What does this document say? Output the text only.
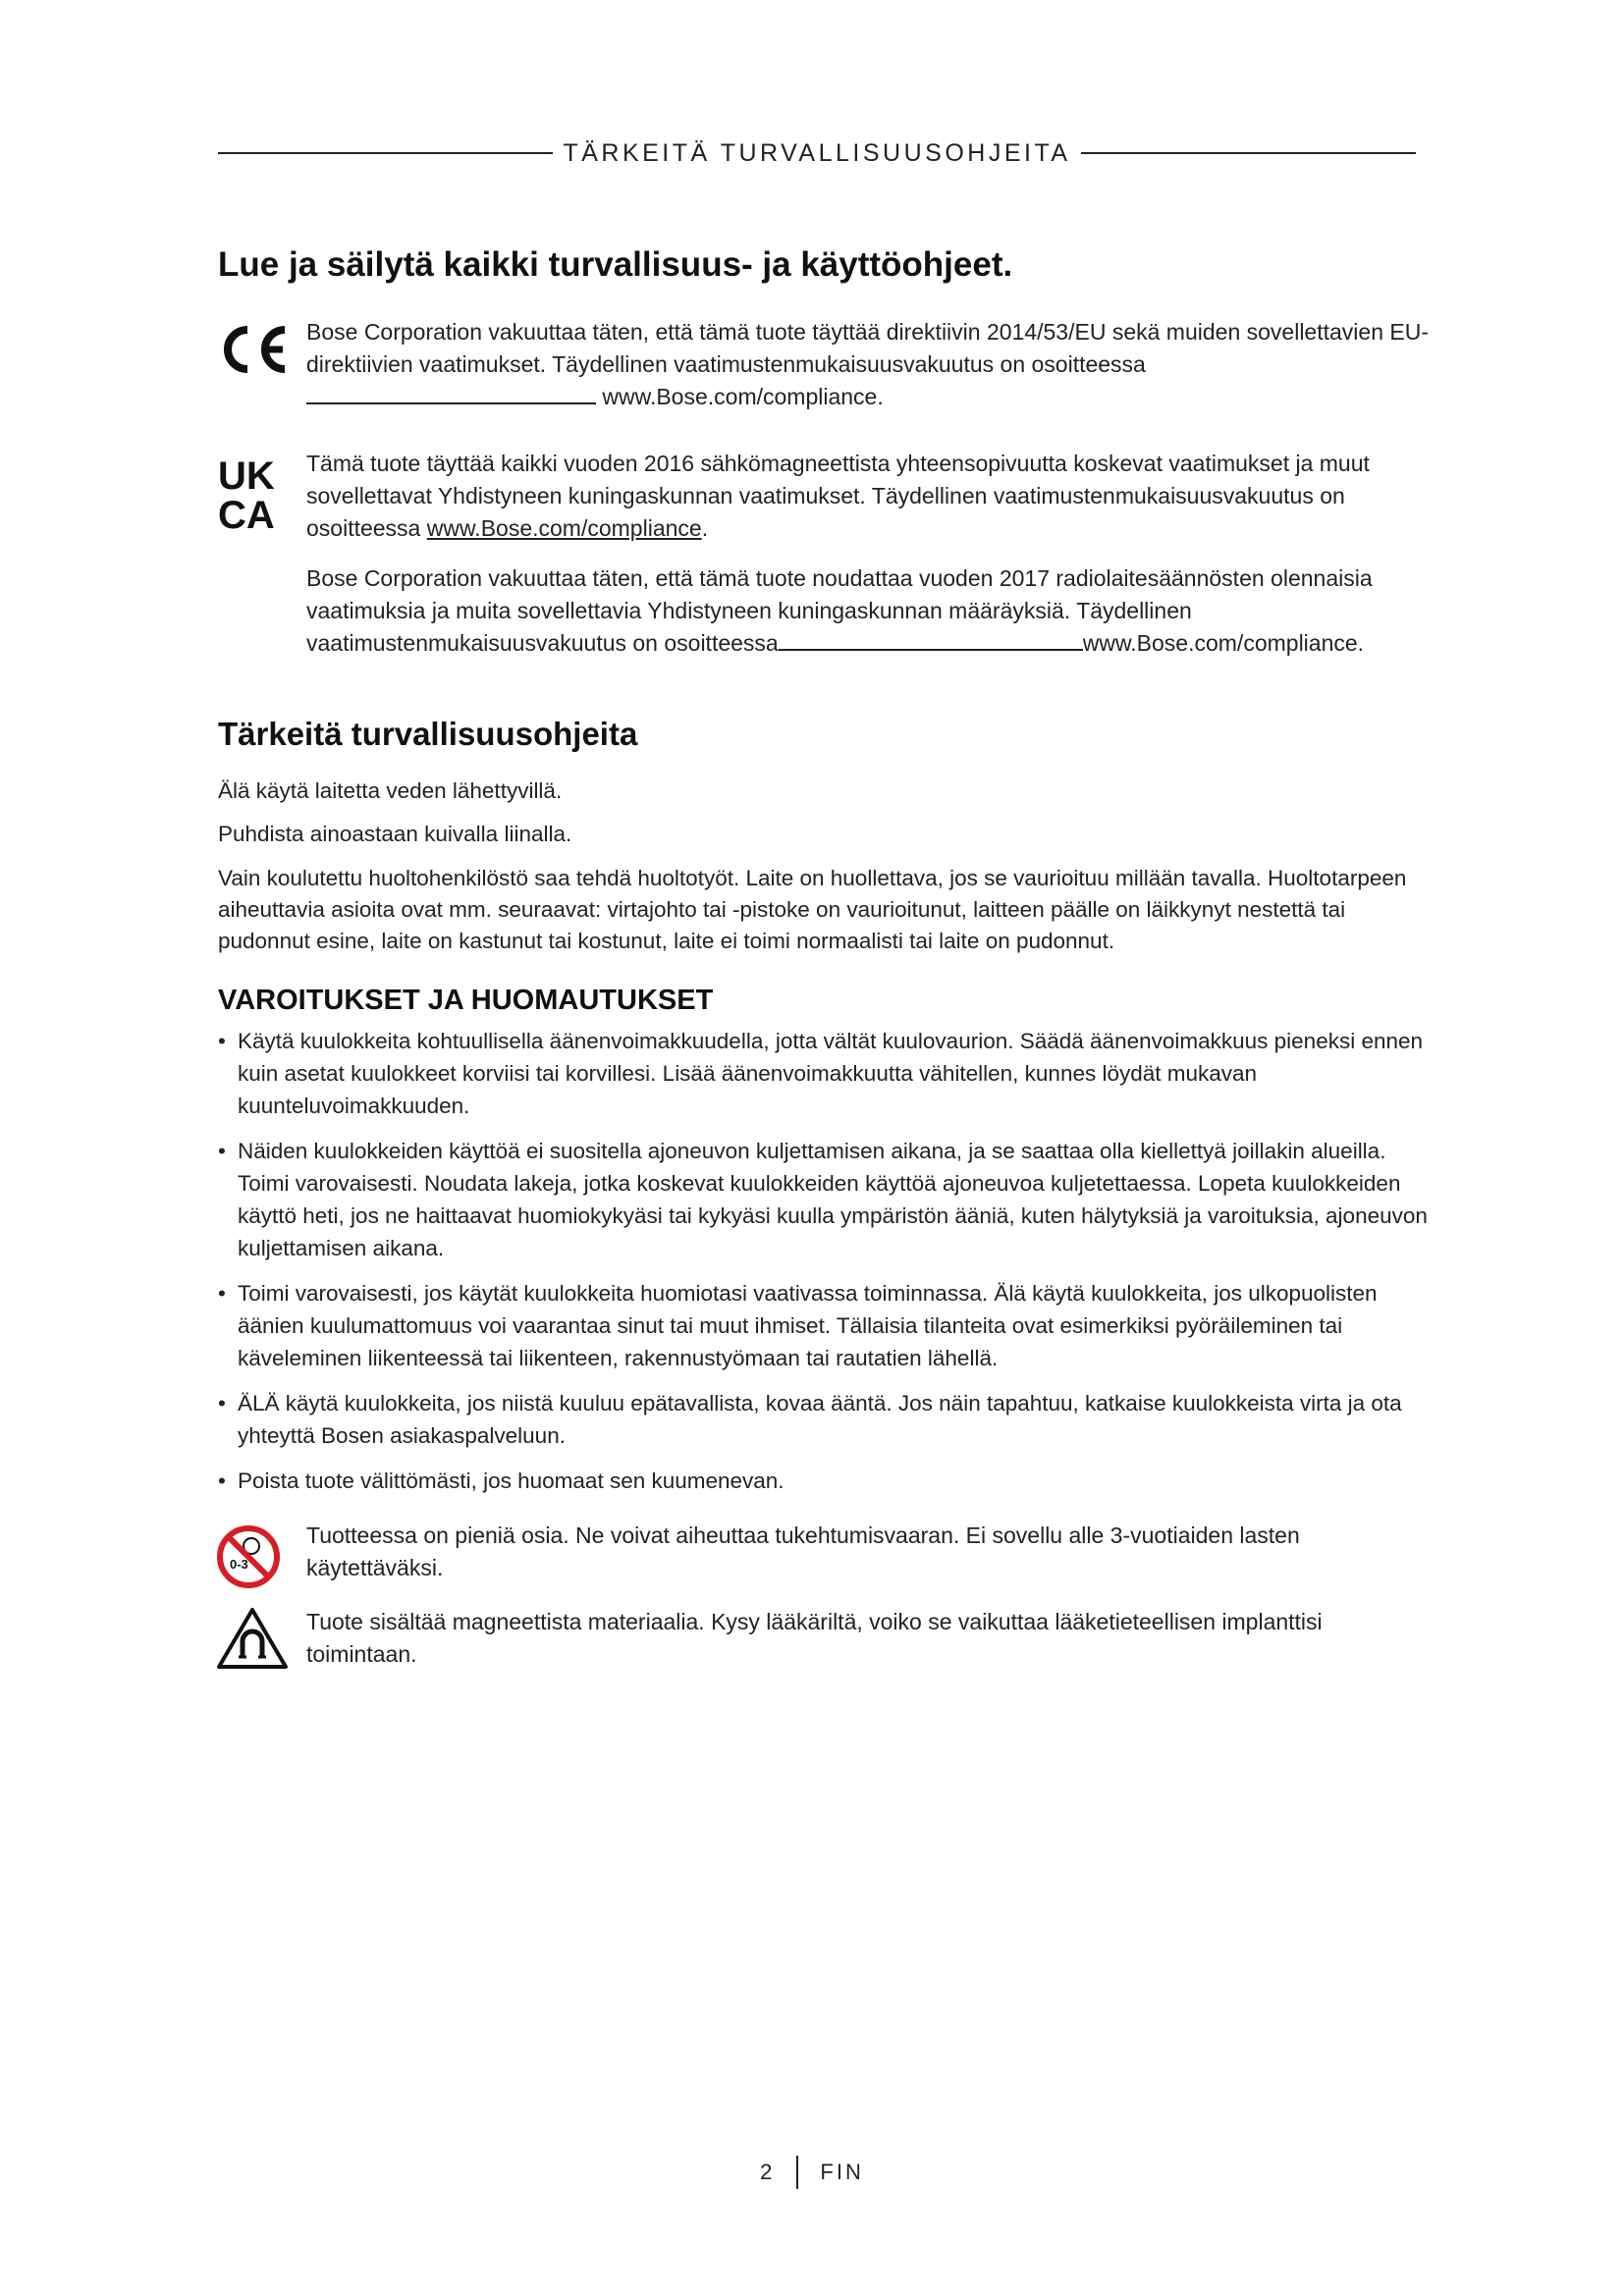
TÄRKEITÄ TURVALLISUUSOHJEITA
Lue ja säilytä kaikki turvallisuus- ja käyttöohjeet.

Bose Corporation vakuuttaa täten, että tämä tuote täyttää direktiivin 2014/53/EU sekä muiden sovellettavien EU-direktiivien vaatimukset. Täydellinen vaatimustenmukaisuusvakuutus on osoitteessa  www.Bose.com/compliance.

UK
CA

Tämä tuote täyttää kaikki vuoden 2016 sähkömagneettista yhteensopivuutta koskevat vaatimukset ja muut sovellettavat Yhdistyneen kuningaskunnan vaatimukset. Täydellinen vaatimustenmukaisuusvakuutus on osoitteessa www.Bose.com/compliance.

Bose Corporation vakuuttaa täten, että tämä tuote noudattaa vuoden 2017 radiolaitesäännösten olennaisia vaatimuksia ja muita sovellettavia Yhdistyneen kuningaskunnan määräyksiä. Täydellinen vaatimustenmukaisuusvakuutus on osoitteessa	www.Bose.com/compliance.

Tärkeitä turvallisuusohjeita

Älä käytä laitetta veden lähettyvillä.

Puhdista ainoastaan kuivalla liinalla.

Vain koulutettu huoltohenkilöstö saa tehdä huoltotyöt. Laite on huollettava, jos se vaurioituu millään tavalla. Huoltotarpeen aiheuttavia asioita ovat mm. seuraavat: virtajohto tai -pistoke on vaurioitunut, laitteen päälle on läikkynyt nestettä tai pudonnut esine, laite on kastunut tai kostunut, laite ei toimi normaalisti tai laite on pudonnut.

VAROITUKSET JA HUOMAUTUKSET
• Käytä kuulokkeita kohtuullisella äänenvoimakkuudella, jotta vältät kuulovaurion. Säädä äänenvoimakkuus pieneksi ennen kuin asetat kuulokkeet korviisi tai korvillesi. Lisää äänenvoimakkuutta vähitellen, kunnes löydät mukavan kuunteluvoimakkuuden.
• Näiden kuulokkeiden käyttöä ei suositella ajoneuvon kuljettamisen aikana, ja se saattaa olla kiellettyä joillakin alueilla. Toimi varovaisesti. Noudata lakeja, jotka koskevat kuulokkeiden käyttöä ajoneuvoa kuljetettaessa. Lopeta kuulokkeiden käyttö heti, jos ne haittaavat huomiokykyäsi tai kykyäsi kuulla ympäristön ääniä, kuten hälytyksiä ja varoituksia, ajoneuvon kuljettamisen aikana.
• Toimi varovaisesti, jos käytät kuulokkeita huomiotasi vaativassa toiminnassa. Älä käytä kuulokkeita, jos ulkopuolisten äänien kuulumattomuus voi vaarantaa sinut tai muut ihmiset. Tällaisia tilanteita ovat esimerkiksi pyöräileminen tai käveleminen liikenteessä tai liikenteen, rakennustyömaan tai rautatien lähellä.
• ÄLÄ käytä kuulokkeita, jos niistä kuuluu epätavallista, kovaa ääntä. Jos näin tapahtuu, katkaise kuulokkeista virta ja ota yhteyttä Bosen asiakaspalveluun.
• Poista tuote välittömästi, jos huomaat sen kuumenevan.
0-3

Tuotteessa on pieniä osia. Ne voivat aiheuttaa tukehtumisvaaran. Ei sovellu alle 3-vuotiaiden lasten käytettäväksi.

Tuote sisältää magneettista materiaalia. Kysy lääkäriltä, voiko se vaikuttaa lääketieteellisen implanttisi toimintaan.

2 FIN
